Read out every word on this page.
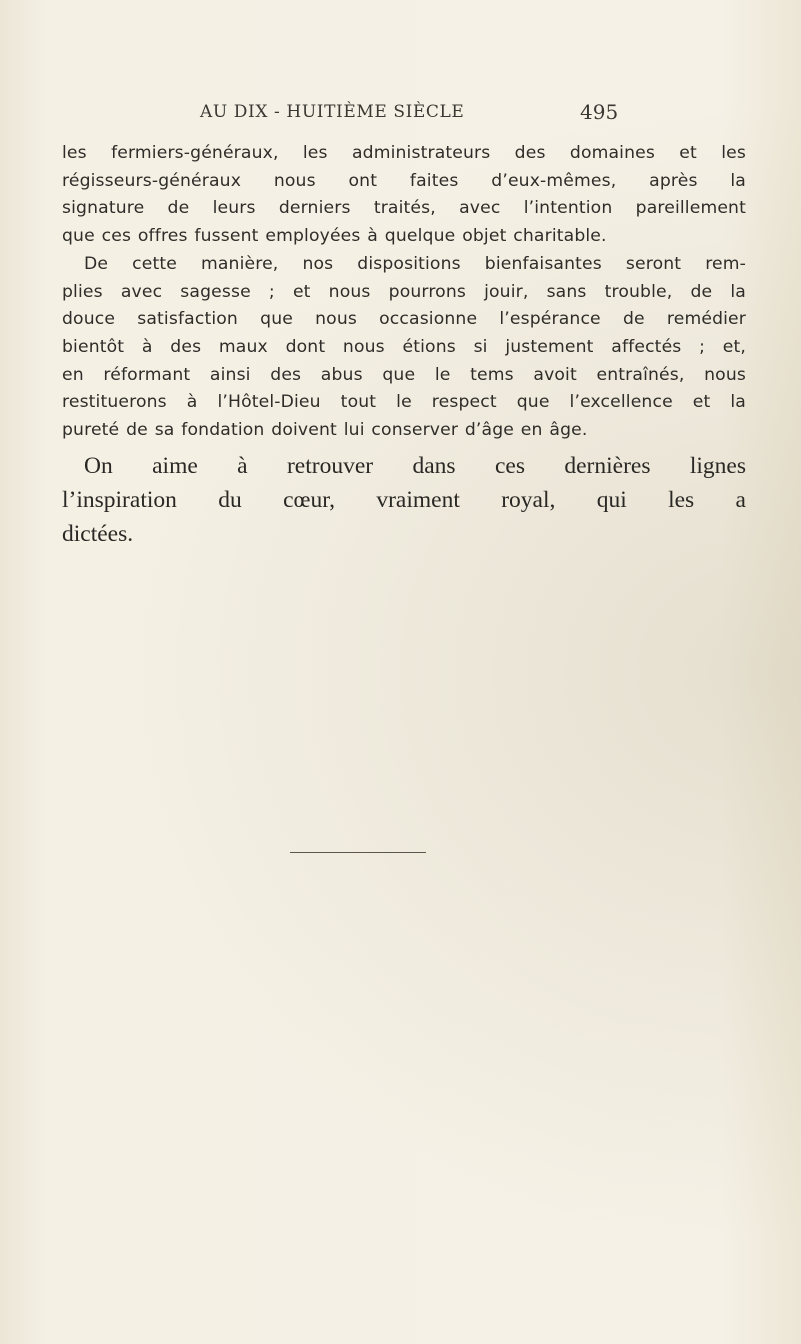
AU DIX - HUITIÈME SIÈCLE	495

les fermiers-généraux, les administrateurs des domaines et les
régisseurs-généraux nous ont faites d’eux-mêmes, après la
signature de leurs derniers traités, avec l’intention pareillement
que ces offres fussent employées à quelque objet charitable.

De cette manière, nos dispositions bienfaisantes seront rem-
plies avec sagesse ; et nous pourrons jouir, sans trouble, de la
douce satisfaction que nous occasionne l’espérance de remédier
bientôt à des maux dont nous étions si justement affectés ; et,
en réformant ainsi des abus que le tems avoit entraînés, nous
restituerons à l’Hôtel-Dieu tout le respect que l’excellence et la
pureté de sa fondation doivent lui conserver d’âge en âge.

On aime à retrouver dans ces dernières lignes
l’inspiration du cœur, vraiment royal, qui les a
dictées.
